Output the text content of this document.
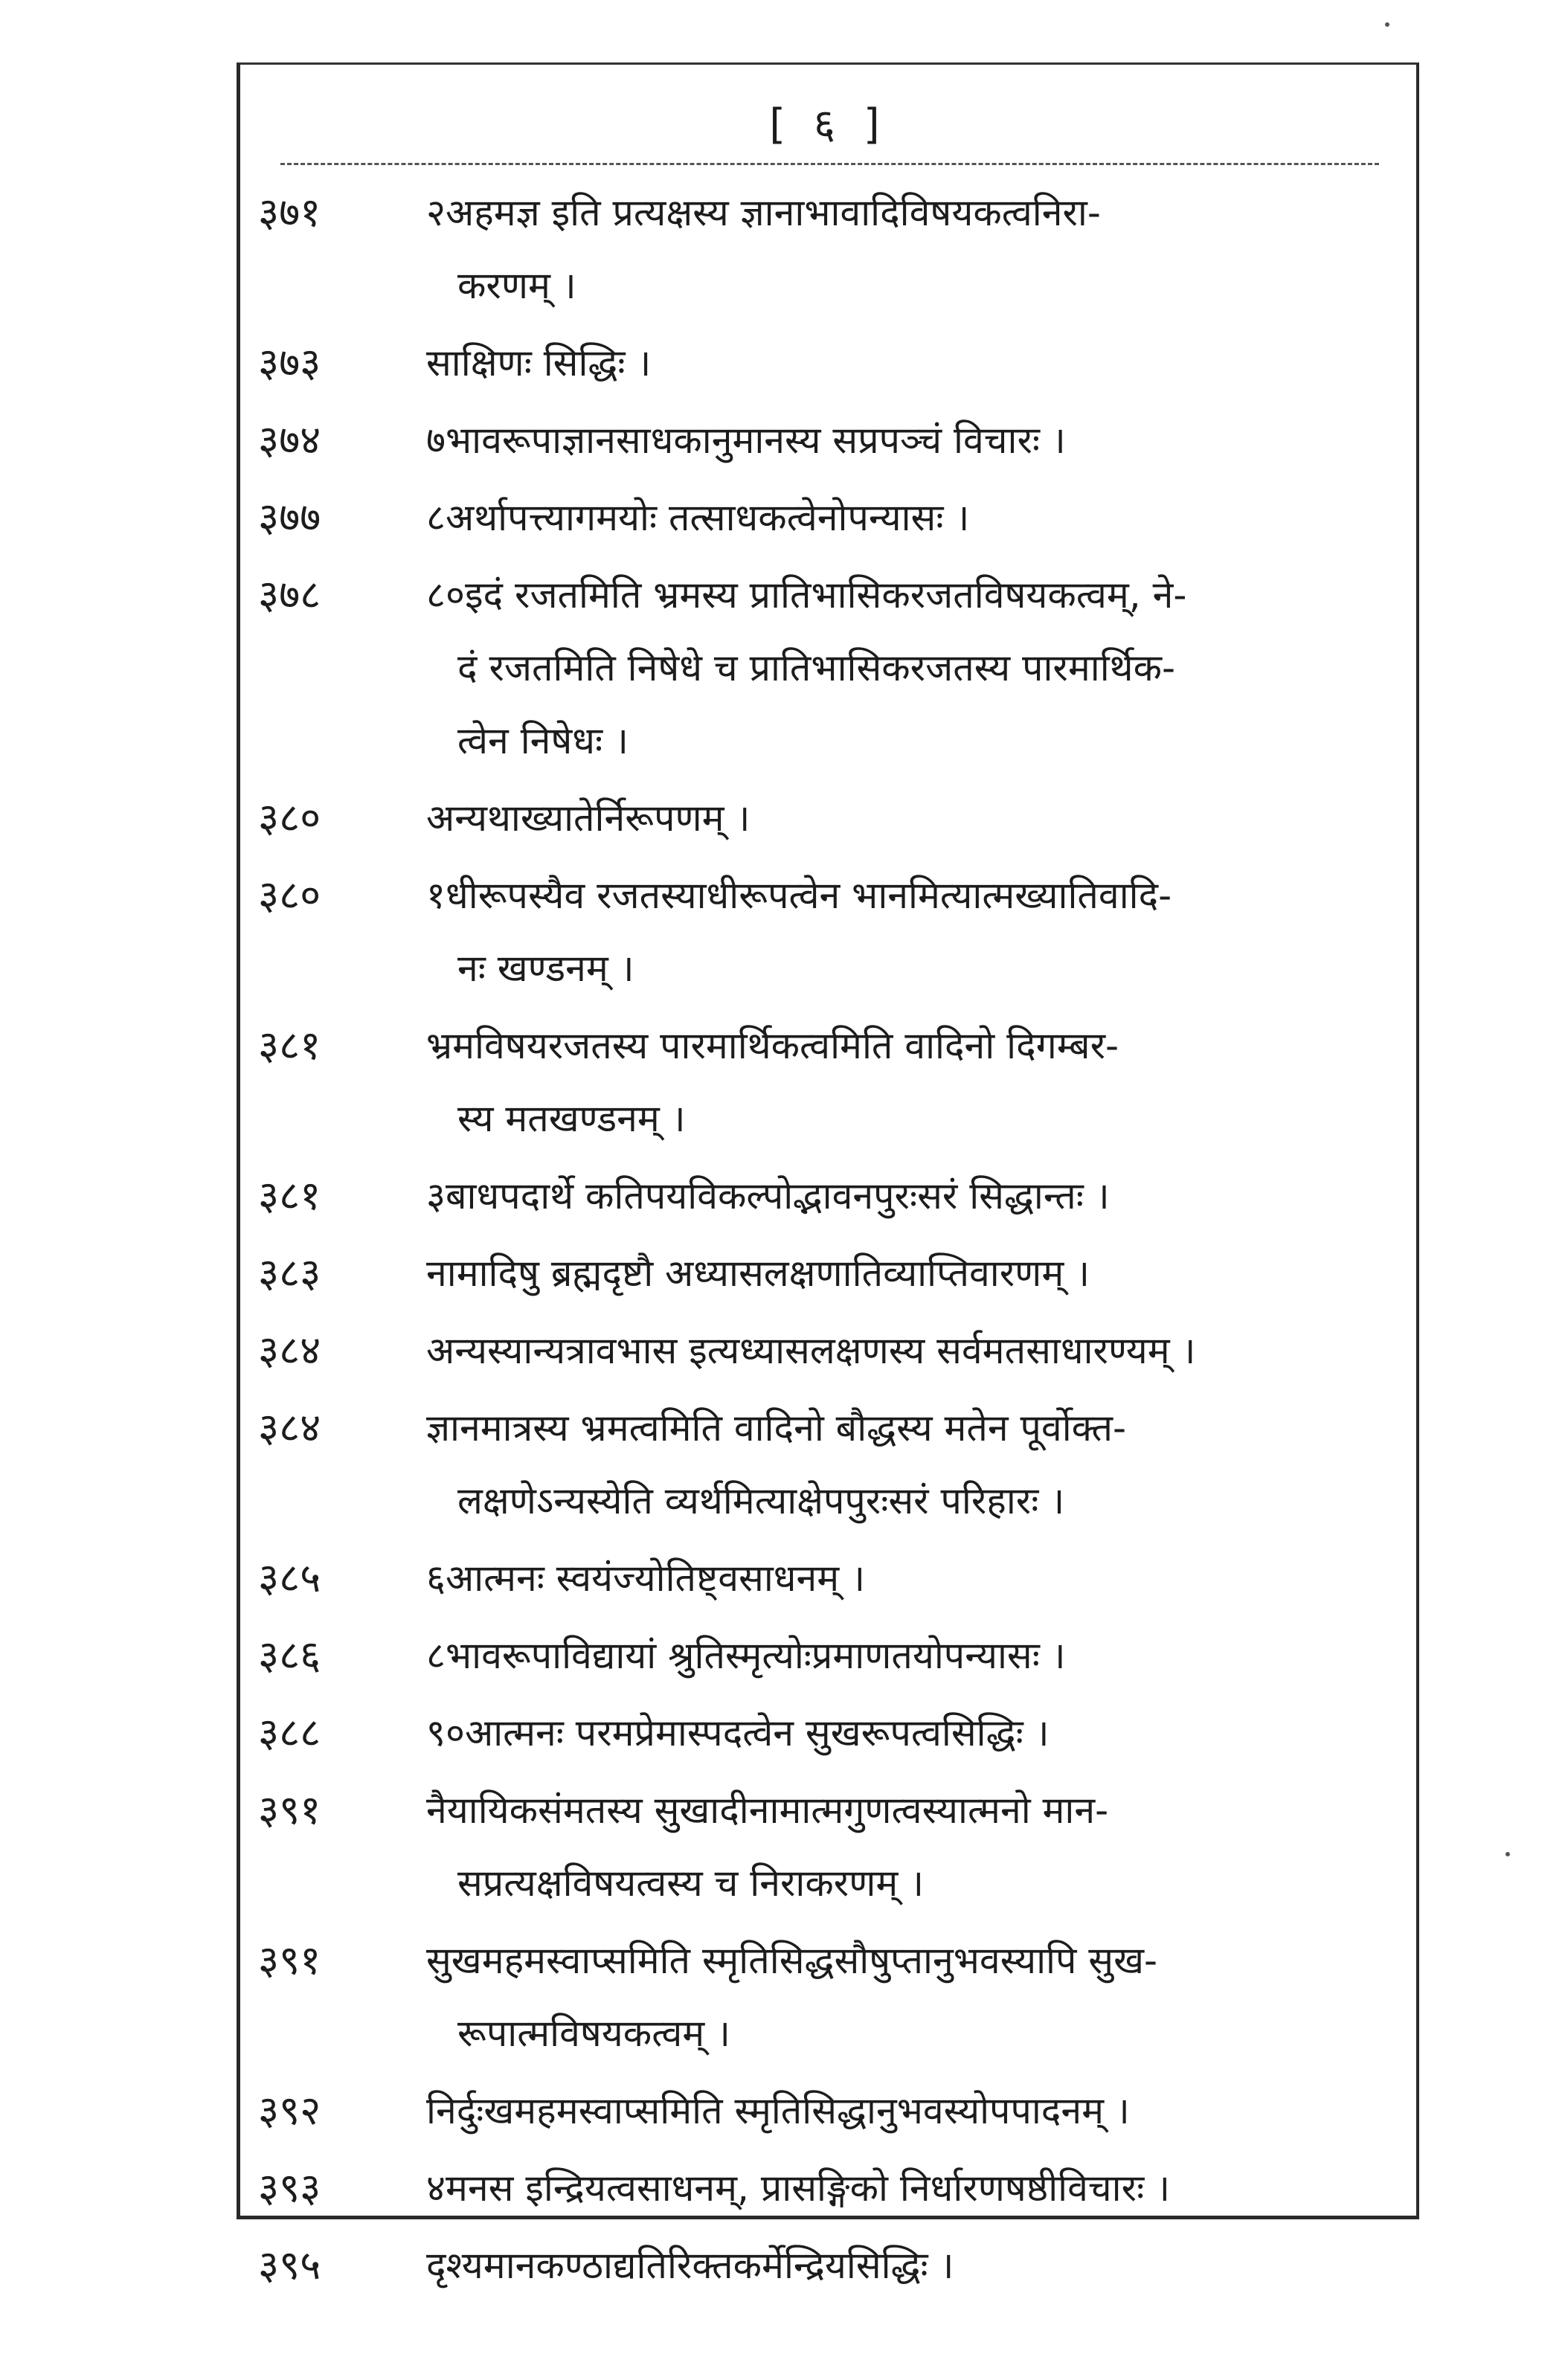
[ ६ ]
३७१	२अहमज्ञ इति प्रत्यक्षस्य ज्ञानाभावादिविषयकत्वनिरा-
करणम् ।
३७३	साक्षिणः सिद्धिः ।
३७४	७भावरूपाज्ञानसाधकानुमानस्य सप्रपञ्चं विचारः ।
३७७	८अर्थापत्त्यागमयोः तत्साधकत्वेनोपन्यासः ।
३७८	८०इदं रजतमिति भ्रमस्य प्रातिभासिकरजतविषयकत्वम्, ने-
दं रजतमिति निषेधे च प्रातिभासिकरजतस्य पारमार्थिक-
त्वेन निषेधः ।
३८०	अन्यथाख्यातेर्निरूपणम् ।
३८०	१धीरूपस्यैव रजतस्याधीरूपत्वेन भानमित्यात्मख्यातिवादि-
नः खण्डनम् ।
३८१	भ्रमविषयरजतस्य पारमार्थिकत्वमिति वादिनो दिगम्बर-
स्य मतखण्डनम् ।
३८१	३बाधपदार्थे कतिपयविकल्पोद्भावनपुरःसरं सिद्धान्तः ।
३८३	नामादिषु ब्रह्मदृष्टौ अध्यासलक्षणातिव्याप्तिवारणम् ।
३८४	अन्यस्यान्यत्रावभास इत्यध्यासलक्षणस्य सर्वमतसाधारण्यम् ।
३८४	ज्ञानमात्रस्य भ्रमत्वमिति वादिनो बौद्धस्य मतेन पूर्वोक्त-
लक्षणेऽन्यस्येति व्यर्थमित्याक्षेपपुरःसरं परिहारः ।
३८५	६आत्मनः स्वयंज्योतिष्ट्वसाधनम् ।
३८६	८भावरूपाविद्यायां श्रुतिस्मृत्योःप्रमाणतयोपन्यासः ।
३८८	९०आत्मनः परमप्रेमास्पदत्वेन सुखरूपत्वसिद्धिः ।
३९१	नैयायिकसंमतस्य सुखादीनामात्मगुणत्वस्यात्मनो मान-
सप्रत्यक्षविषयत्वस्य च निराकरणम् ।
३९१	सुखमहमस्वाप्समिति स्मृतिसिद्धसौषुप्तानुभवस्यापि सुख-
रूपात्मविषयकत्वम् ।
३९२	निर्दुःखमहमस्वाप्समिति स्मृतिसिद्धानुभवस्योपपादनम् ।
३९३	४मनस इन्द्रियत्वसाधनम्, प्रासङ्गिको निर्धारणषष्ठीविचारः ।
३९५	दृश्यमानकण्ठाद्यतिरिक्तकर्मेन्द्रियसिद्धिः ।
